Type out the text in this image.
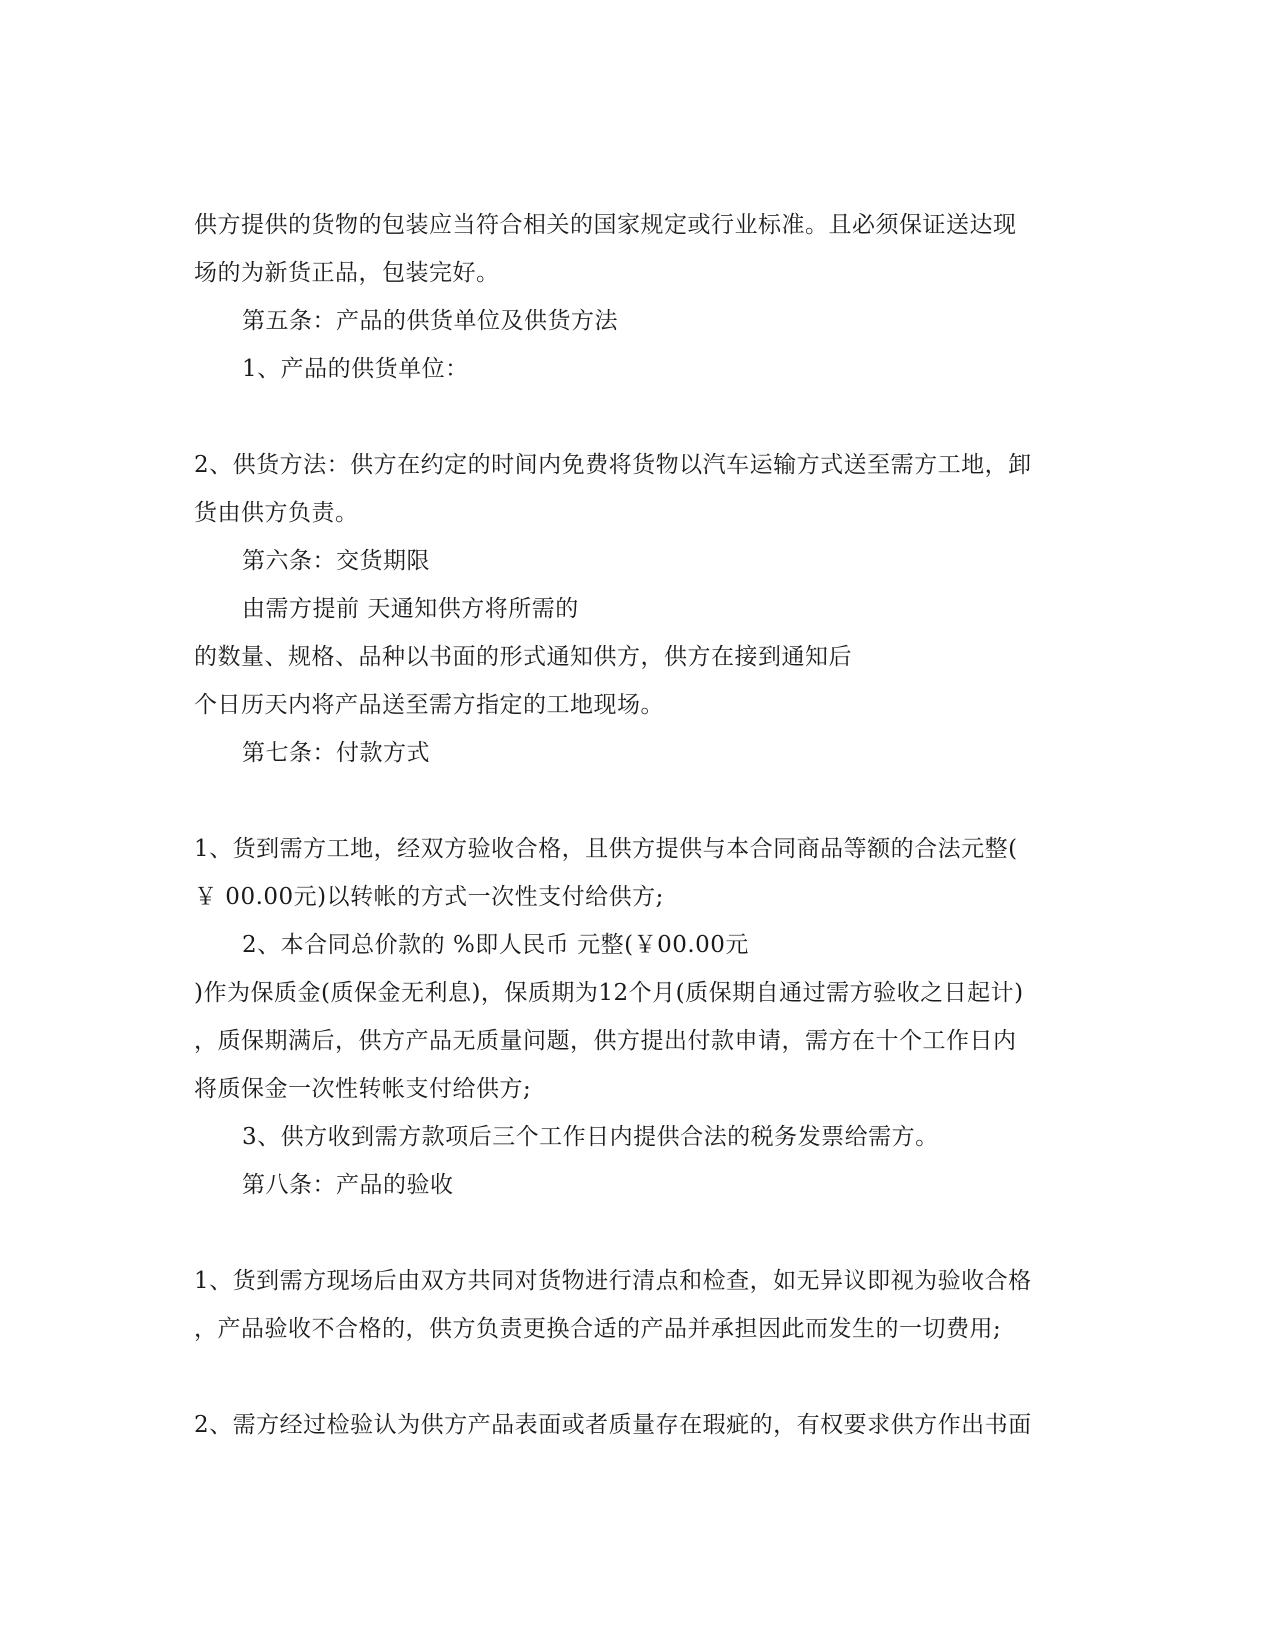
供方提供的货物的包装应当符合相关的国家规定或行业标准。且必须保证送达现
场的为新货正品，包装完好。
第五条：产品的供货单位及供货方法
1、产品的供货单位：
2、供货方法：供方在约定的时间内免费将货物以汽车运输方式送至需方工地，卸
货由供方负责。
第六条：交货期限
由需方提前 天通知供方将所需的
的数量、规格、品种以书面的形式通知供方，供方在接到通知后
个日历天内将产品送至需方指定的工地现场。
第七条：付款方式
1、货到需方工地，经双方验收合格，且供方提供与本合同商品等额的合法元整(
￥ 00.00元)以转帐的方式一次性支付给供方;
2、本合同总价款的 %即人民币 元整(￥00.00元
)作为保质金(质保金无利息)，保质期为12个月(质保期自通过需方验收之日起计)
，质保期满后，供方产品无质量问题，供方提出付款申请，需方在十个工作日内
将质保金一次性转帐支付给供方;
3、供方收到需方款项后三个工作日内提供合法的税务发票给需方。
第八条：产品的验收
1、货到需方现场后由双方共同对货物进行清点和检查，如无异议即视为验收合格
，产品验收不合格的，供方负责更换合适的产品并承担因此而发生的一切费用;
2、需方经过检验认为供方产品表面或者质量存在瑕疵的，有权要求供方作出书面
